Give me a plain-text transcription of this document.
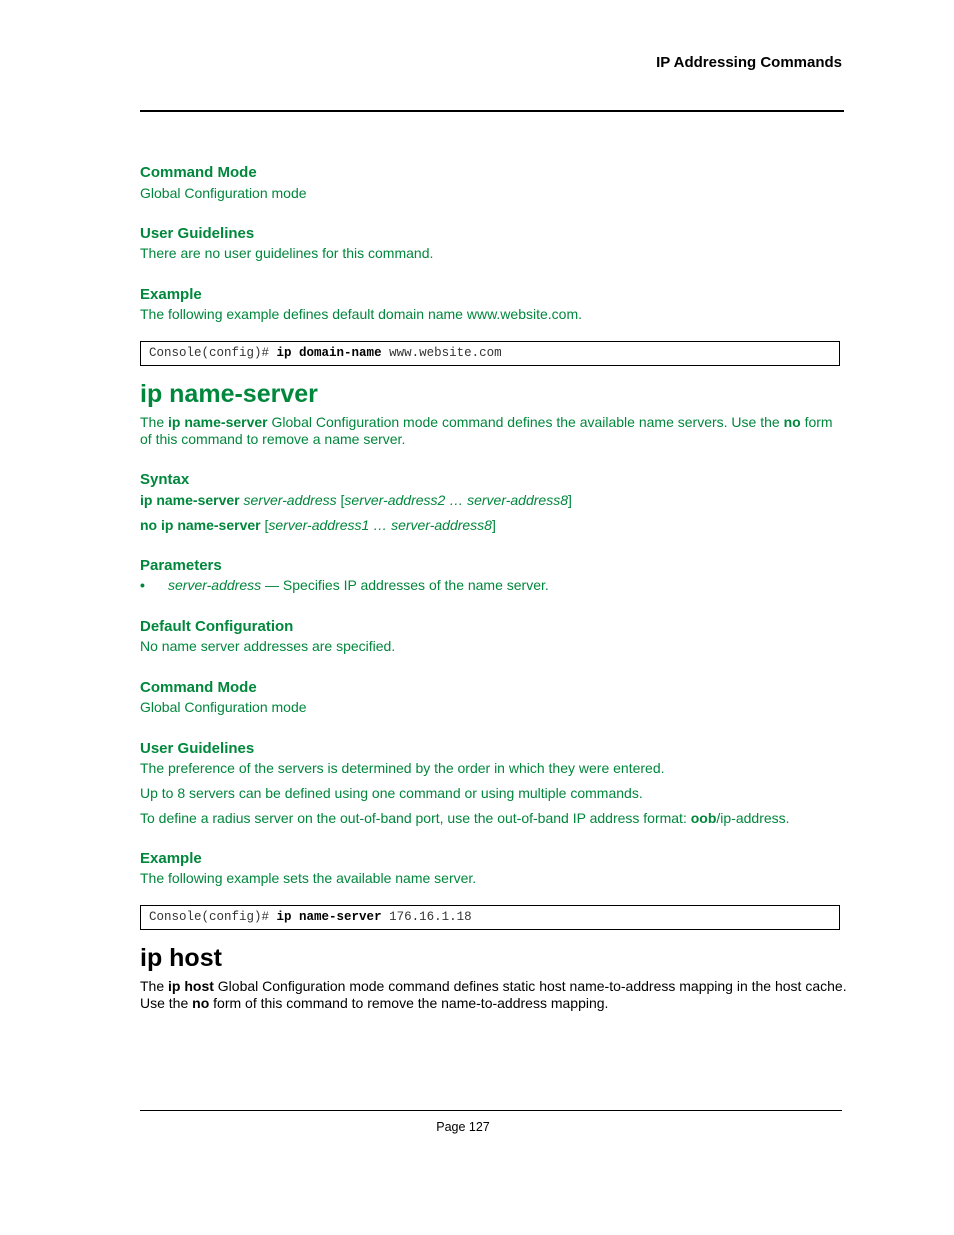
IP Addressing Commands
Command Mode
Global Configuration mode
User Guidelines
There are no user guidelines for this command.
Example
The following example defines default domain name www.website.com.
Console(config)# ip domain-name www.website.com
ip name-server
The ip name-server Global Configuration mode command defines the available name servers. Use the no form
of this command to remove a name server.
Syntax
ip name-server server-address [server-address2 … server-address8]
no ip name-server [server-address1 … server-address8]
Parameters
• server-address — Specifies IP addresses of the name server.
Default Configuration
No name server addresses are specified.
Command Mode
Global Configuration mode
User Guidelines
The preference of the servers is determined by the order in which they were entered.
Up to 8 servers can be defined using one command or using multiple commands.
To define a radius server on the out-of-band port, use the out-of-band IP address format: oob/ip-address.
Example
The following example sets the available name server.
Console(config)# ip name-server 176.16.1.18
ip host
The ip host Global Configuration mode command defines static host name-to-address mapping in the host cache.
Use the no form of this command to remove the name-to-address mapping.
Page 127
